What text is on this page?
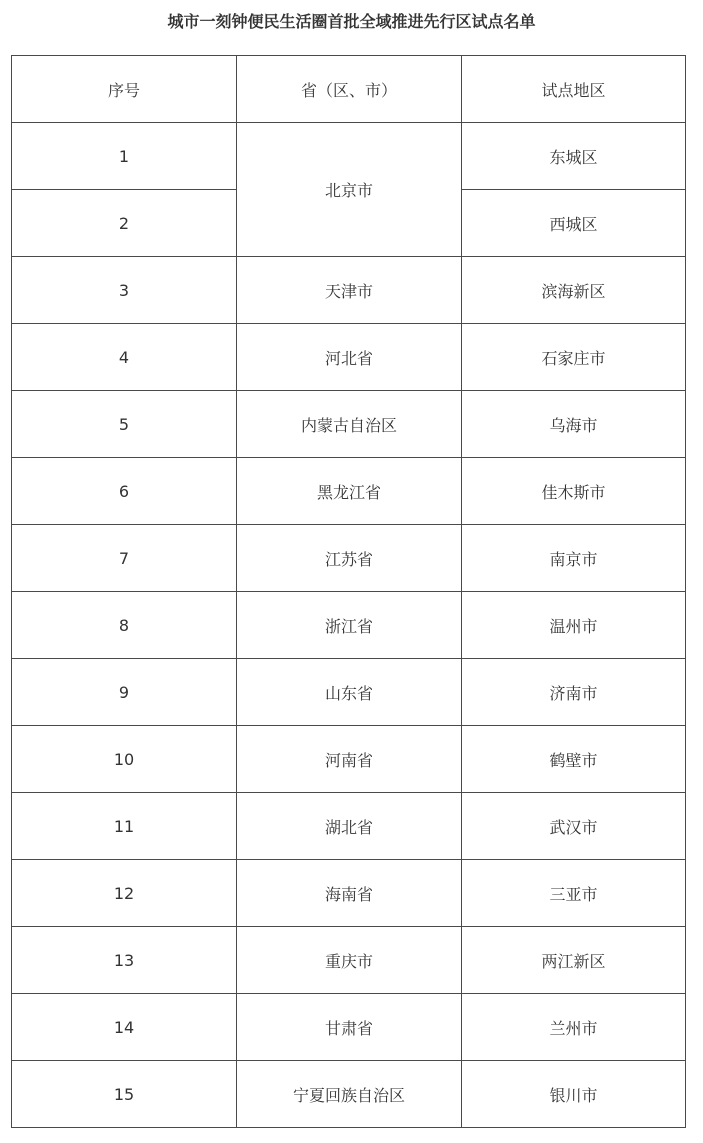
城市一刻钟便民生活圈首批全域推进先行区试点名单
序号	省（区、市）	试点地区
1	北京市	东城区
2		西城区
3	天津市	滨海新区
4	河北省	石家庄市
5	内蒙古自治区	乌海市
6	黑龙江省	佳木斯市
7	江苏省	南京市
8	浙江省	温州市
9	山东省	济南市
10	河南省	鹤壁市
11	湖北省	武汉市
12	海南省	三亚市
13	重庆市	两江新区
14	甘肃省	兰州市
15	宁夏回族自治区	银川市
